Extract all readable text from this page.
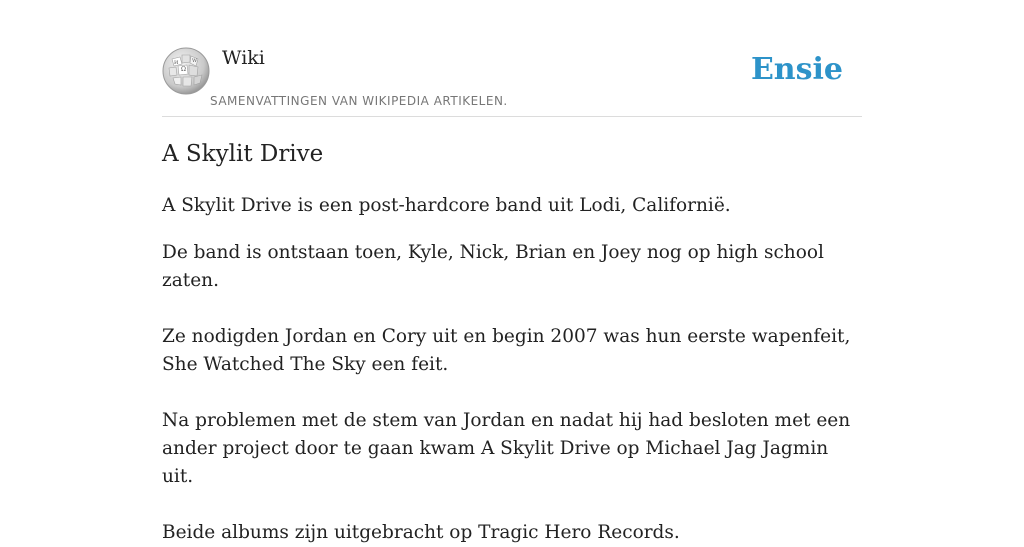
Ω
W
И Wiki
SAMENVATTINGEN VAN WIKIPEDIA ARTIKELEN.
Ensie
A Skylit Drive

A Skylit Drive is een post-hardcore band uit Lodi, Californië.

De band is ontstaan toen, Kyle, Nick, Brian en Joey nog op high school zaten.

Ze nodigden Jordan en Cory uit en begin 2007 was hun eerste wapenfeit, She Watched The Sky een feit.

Na problemen met de stem van Jordan en nadat hij had besloten met een ander project door te gaan kwam A Skylit Drive op Michael Jag Jagmin uit.

Beide albums zijn uitgebracht op Tragic Hero Records.
